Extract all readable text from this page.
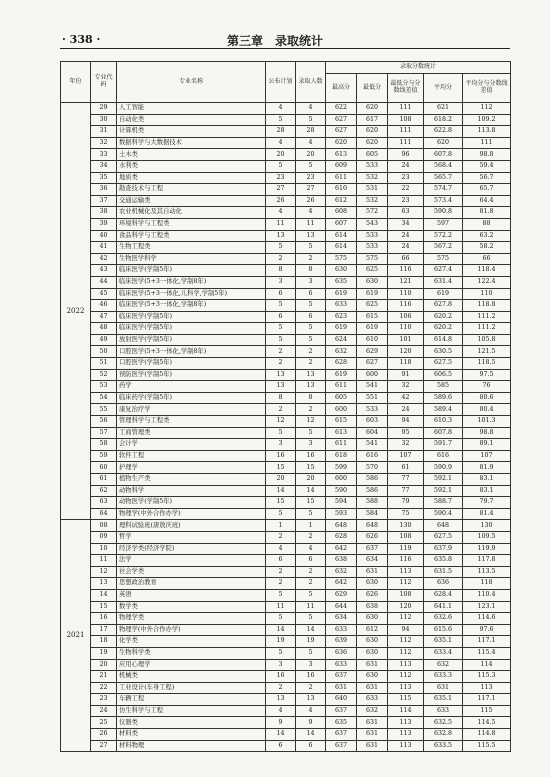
· 338 ·	第三章　录取统计
年份	专业代码	专业名称	公布计划	录取人数	录取分数统计				
					最高分	最低分	最低分与分数线差值	平均分	平均分与分数线差值
2022	29	人工智能	4	4	622	620	111	621	112
	30	自动化类	5	5	627	617	108	618.2	109.2
	31	计算机类	28	28	627	620	111	622.8	113.8
	32	数据科学与大数据技术	4	4	620	620	111	620	111
	33	土木类	20	20	613	605	96	607.8	98.8
	34	水利类	5	5	609	533	24	568.4	59.4
	35	地质类	23	23	611	532	23	565.7	56.7
	36	勘查技术与工程	27	27	610	531	22	574.7	65.7
	37	交通运输类	26	26	612	532	23	573.4	64.4
	38	农业机械化及其自动化	4	4	608	572	63	590.8	81.8
	39	环境科学与工程类	11	11	607	543	34	597	88
	40	食品科学与工程类	13	13	614	533	24	572.2	63.2
	41	生物工程类	5	5	614	533	24	567.2	58.2
	42	生物医学科学	2	2	575	575	66	575	66
	43	临床医学(学制5年)	8	8	630	625	116	627.4	118.4
	44	临床医学(5+3一体化,学制8年)	3	3	635	630	121	631.4	122.4
	45	临床医学(5+3一体化,儿科学,学制5年)	6	6	619	619	110	619	110
	46	临床医学(5+3一体化,学制8年)	5	5	633	625	116	627.8	118.8
	47	临床医学(学制5年)	6	6	623	615	106	620.2	111.2
	48	临床医学(学制5年)	5	5	619	619	110	620.2	111.2
	49	放射医学(学制5年)	5	5	624	610	101	614.8	105.8
	50	口腔医学(5+3一体化,学制8年)	2	2	632	629	120	630.5	121.5
	51	口腔医学(学制5年)	2	2	628	627	118	627.5	118.5
	52	预防医学(学制5年)	13	13	619	600	91	606.5	97.5
	53	药学	13	13	611	541	32	585	76
	54	临床药学(学制5年)	8	8	605	551	42	589.6	80.6
	55	康复治疗学	2	2	600	533	24	589.4	80.4
	56	管理科学与工程类	12	12	615	603	94	610.3	101.3
	57	工商管理类	5	5	613	604	95	607.8	98.8
	58	会计学	3	3	611	541	32	591.7	89.1
	59	软件工程	16	16	618	616	107	616	107
	60	护理学	15	15	599	570	61	590.9	81.9
	61	植物生产类	20	20	600	586	77	592.1	83.1
	62	动物科学	14	14	590	586	77	592.1	83.1
	63	动物医学(学制5年)	15	15	594	588	79	588.7	79.7
	64	物理学(中外合作办学)	5	5	593	584	75	590.4	81.4
2021	08	理科试验班(唐敖庆班)	1	1	648	648	130	648	130
	09	哲学	2	2	628	626	108	627.5	109.5
	10	经济学类(经济学院)	4	4	642	637	119	637.9	119.9
	11	法学	6	6	638	634	116	635.8	117.8
	12	社会学类	2	2	632	631	113	631.5	113.5
	13	思想政治教育	2	2	642	630	112	636	118
	14	英语	5	5	629	626	108	628.4	110.4
	15	数学类	11	11	644	638	120	641.1	123.1
	16	物理学类	5	5	634	630	112	632.6	114.6
	17	物理学(中外合作办学)	14	14	633	612	94	615.6	97.6
	18	化学类	19	19	639	630	112	635.1	117.1
	19	生物科学类	5	5	636	630	112	633.4	115.4
	20	应用心理学	3	3	633	631	113	632	114
	21	机械类	16	16	637	630	112	633.3	115.3
	22	工业设计(车身工程)	2	2	631	631	113	631	113
	23	车辆工程	13	13	640	633	115	635.1	117.1
	24	仿生科学与工程	4	4	637	632	114	633	115
	25	仪器类	9	9	635	631	113	632.5	114.5
	26	材料类	14	14	637	631	113	632.8	114.8
	27	材料物理	6	6	637	631	113	633.5	115.5
